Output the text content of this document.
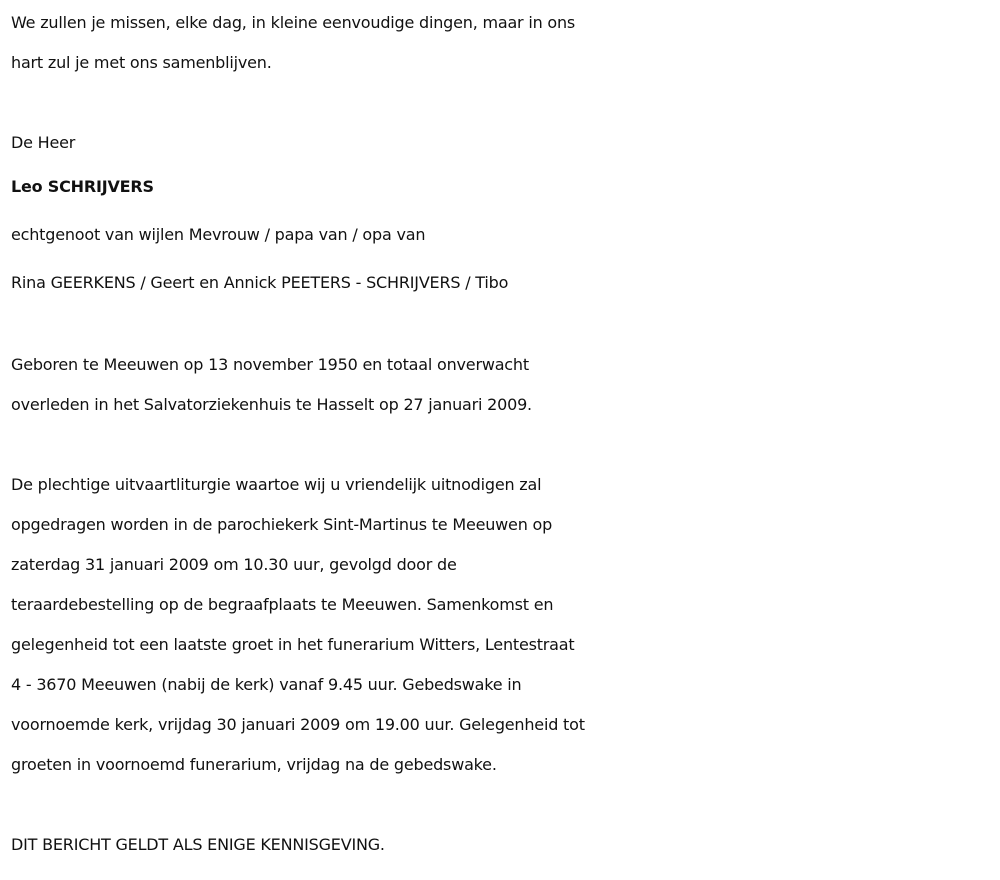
We zullen je missen, elke dag, in kleine eenvoudige dingen, maar in ons
hart zul je met ons samenblijven.
De Heer
Leo SCHRIJVERS
echtgenoot van wijlen Mevrouw / papa van / opa van
Rina GEERKENS / Geert en Annick PEETERS - SCHRIJVERS / Tibo
Geboren te Meeuwen op 13 november 1950 en totaal onverwacht
overleden in het Salvatorziekenhuis te Hasselt op 27 januari 2009.
De plechtige uitvaartliturgie waartoe wij u vriendelijk uitnodigen zal
opgedragen worden in de parochiekerk Sint-Martinus te Meeuwen op
zaterdag 31 januari 2009 om 10.30 uur, gevolgd door de
teraardebestelling op de begraafplaats te Meeuwen. Samenkomst en
gelegenheid tot een laatste groet in het funerarium Witters, Lentestraat
4 - 3670 Meeuwen (nabij de kerk) vanaf 9.45 uur. Gebedswake in
voornoemde kerk, vrijdag 30 januari 2009 om 19.00 uur. Gelegenheid tot
groeten in voornoemd funerarium, vrijdag na de gebedswake.
DIT BERICHT GELDT ALS ENIGE KENNISGEVING.
